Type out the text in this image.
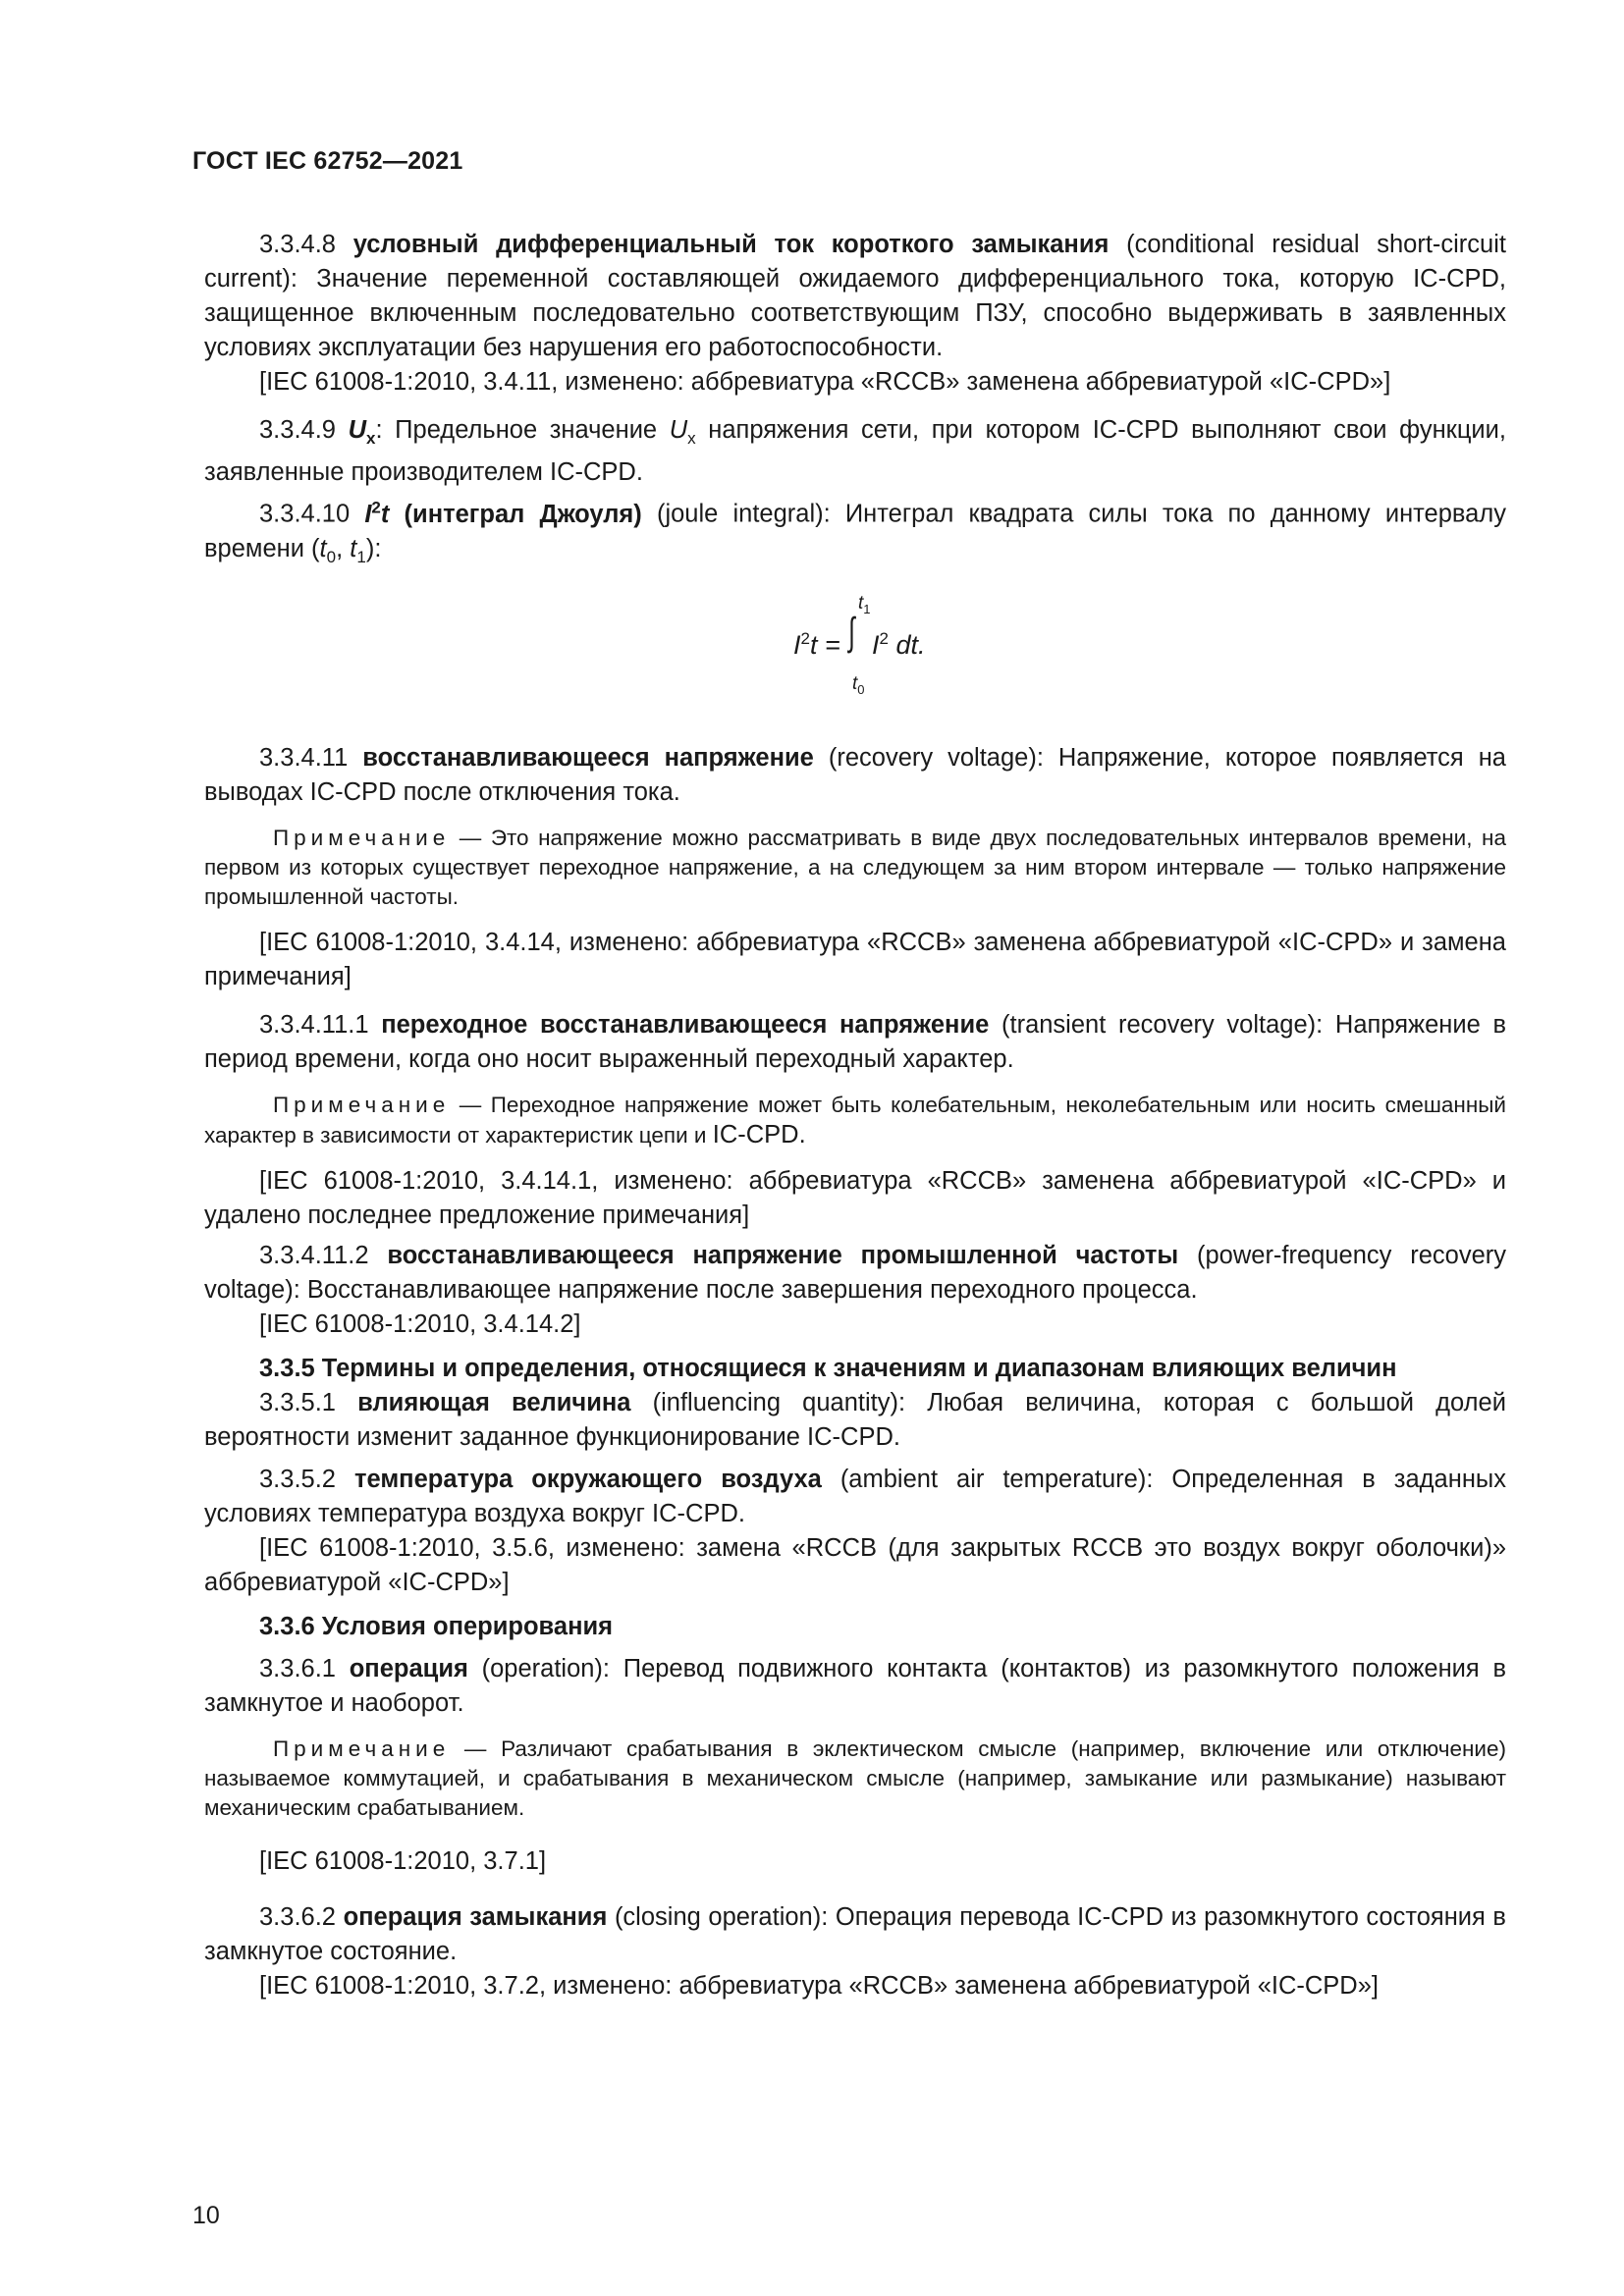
ГОСТ IEC 62752—2021

3.3.4.8 условный дифференциальный ток короткого замыкания (conditional residual short-circuit current): Значение переменной составляющей ожидаемого дифференциального тока, которую IC-CPD, защищенное включенным последовательно соответствующим ПЗУ, способно выдерживать в заявленных условиях эксплуатации без нарушения его работоспособности.

[IEC 61008-1:2010, 3.4.11, изменено: аббревиатура «RCCB» заменена аббревиатурой «IC-CPD»]

3.3.4.9 $U_x$: Предельное значение $U_x$ напряжения сети, при котором IC-CPD выполняют свои функции, заявленные производителем IC-CPD.

3.3.4.10 $I^2t$ (интеграл Джоуля) (joule integral): Интеграл квадрата силы тока по данному интервалу времени ($t_0$, $t_1$):

$t_1$
$I^2t$ = ∫ $I^2$ dt.
$t_0$

3.3.4.11 восстанавливающееся напряжение (recovery voltage): Напряжение, которое появляется на выводах IC-CPD после отключения тока.

Примечание — Это напряжение можно рассматривать в виде двух последовательных интервалов времени, на первом из которых существует переходное напряжение, а на следующем за ним втором интервале — только напряжение промышленной частоты.

[IEC 61008-1:2010, 3.4.14, изменено: аббревиатура «RCCB» заменена аббревиатурой «IC-CPD» и замена примечания]

3.3.4.11.1 переходное восстанавливающееся напряжение (transient recovery voltage): Напряжение в период времени, когда оно носит выраженный переходный характер.

Примечание — Переходное напряжение может быть колебательным, неколебательным или носить смешанный характер в зависимости от характеристик цепи и IC-CPD.

[IEC 61008-1:2010, 3.4.14.1, изменено: аббревиатура «RCCB» заменена аббревиатурой «IC-CPD» и удалено последнее предложение примечания]

3.3.4.11.2 восстанавливающееся напряжение промышленной частоты (power-frequency recovery voltage): Восстанавливающее напряжение после завершения переходного процесса.

[IEC 61008-1:2010, 3.4.14.2]

3.3.5 Термины и определения, относящиеся к значениям и диапазонам влияющих величин

3.3.5.1 влияющая величина (influencing quantity): Любая величина, которая с большой долей вероятности изменит заданное функционирование IC-CPD.

3.3.5.2 температура окружающего воздуха (ambient air temperature): Определенная в заданных условиях температура воздуха вокруг IC-CPD.

[IEC 61008-1:2010, 3.5.6, изменено: замена «RCCB (для закрытых RCCB это воздух вокруг оболочки)» аббревиатурой «IC-CPD»]

3.3.6 Условия оперирования

3.3.6.1 операция (operation): Перевод подвижного контакта (контактов) из разомкнутого положения в замкнутое и наоборот.

Примечание — Различают срабатывания в эклектическом смысле (например, включение или отключение) называемое коммутацией, и срабатывания в механическом смысле (например, замыкание или размыкание) называют механическим срабатыванием.

[IEC 61008-1:2010, 3.7.1]

3.3.6.2 операция замыкания (closing operation): Операция перевода IC-CPD из разомкнутого состояния в замкнутое состояние.

[IEC 61008-1:2010, 3.7.2, изменено: аббревиатура «RCCB» заменена аббревиатурой «IC-CPD»]

10
